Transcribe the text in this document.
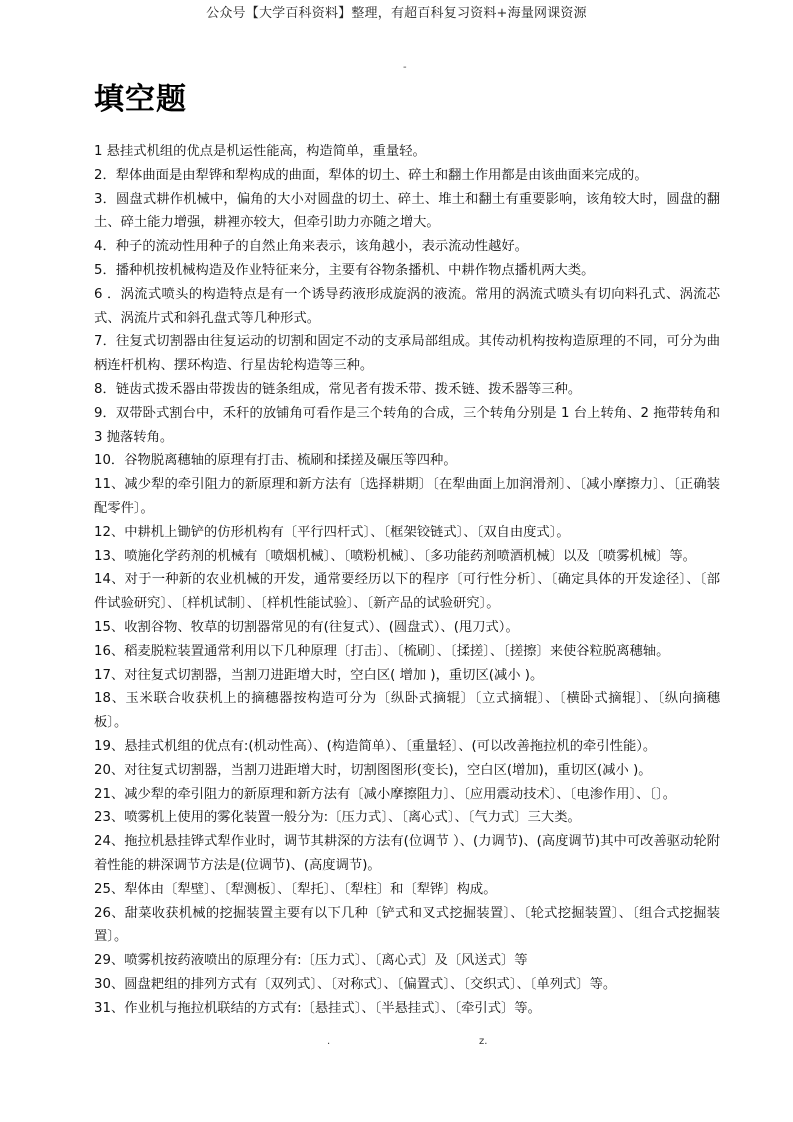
公众号【大学百科资料】整理，有超百科复习资料+海量网课资源
-
填空题

1 悬挂式机组的优点是机运性能高，构造简单，重量轻。

2．犁体曲面是由犁铧和犁构成的曲面，犁体的切土、碎土和翻土作用都是由该曲面来完成的。

3．圆盘式耕作机械中，偏角的大小对圆盘的切土、碎土、堆土和翻土有重要影响，该角较大时，圆盘的翻土、碎土能力增强，耕裡亦较大，但牵引助力亦随之增大。

4．种子的流动性用种子的自然止角来表示，该角越小，表示流动性越好。

5．播种机按机械构造及作业特征来分，主要有谷物条播机、中耕作物点播机两大类。

6 ．涡流式喷头的构造特点是有一个诱导药液形成旋涡的液流。常用的涡流式喷头有切向料孔式、涡流芯式、涡流片式和斜孔盘式等几种形式。

7．往复式切割器由往复运动的切割和固定不动的支承局部组成。其传动机构按构造原理的不同，可分为曲柄连杆机构、摆环构造、行星齿轮构造等三种。

8．链齿式拨禾器由带拨齿的链条组成，常见者有拨禾带、拨禾链、拨禾器等三种。

9．双带卧式割台中，禾秆的放铺角可看作是三个转角的合成，三个转角分别是 1 台上转角、2 拖带转角和 3 抛落转角。

10．谷物脱离穗轴的原理有打击、梳刷和揉搓及碾压等四种。

11、减少犁的牵引阻力的新原理和新方法有〔选择耕期〕〔在犁曲面上加润滑剂〕、〔减小摩擦力〕、〔正确装配零件〕。

12、中耕机上锄铲的仿形机构有〔平行四杆式〕、〔框架铰链式〕、〔双自由度式〕。

13、喷施化学药剂的机械有〔喷烟机械〕、〔喷粉机械〕、〔多功能药剂喷酒机械〕以及〔喷雾机械〕等。

14、对于一种新的农业机械的开发，通常要经历以下的程序〔可行性分析〕、〔确定具体的开发途径〕、〔部件试验研究〕、〔样机试制〕、〔样机性能试验〕、〔新产品的试验研究〕。

15、收割谷物、牧草的切割器常见的有(往复式）、(圆盘式）、(甩刀式）。

16、稻麦脱粒装置通常利用以下几种原理〔打击〕、〔梳刷〕、〔揉搓〕、〔搓擦〕来使谷粒脱离穗轴。

17、对往复式切割器，当割刀进距增大时，空白区( 增加 )，重切区(减小 )。

18、玉米联合收获机上的摘穗器按构造可分为〔纵卧式摘辊〕〔立式摘辊〕、〔横卧式摘辊〕、〔纵向摘穗板〕。

19、悬挂式机组的优点有:(机动性高）、(构造简单）、〔重量轻〕、(可以改善拖拉机的牵引性能）。

20、对往复式切割器，当割刀进距增大时，切割图图形(变长)，空白区(增加)，重切区(减小 )。

21、减少犁的牵引阻力的新原理和新方法有〔减小摩擦阻力〕、〔应用震动技术〕、〔电渗作用〕、〔〕。

23、喷雾机上使用的雾化装置一般分为:〔压力式〕、〔离心式〕、〔气力式〕三大类。

24、拖拉机悬挂铧式犁作业时，调节其耕深的方法有(位调节 ）、(力调节)、(高度调节)其中可改善驱动轮附着性能的耕深调节方法是(位调节)、(高度调节)。

25、犁体由〔犁壁〕、〔犁测板〕、〔犁托〕、〔犁柱〕和〔犁铧〕构成。

26、甜菜收获机械的挖掘装置主要有以下几种〔铲式和叉式挖掘装置〕、〔轮式挖掘装置〕、〔组合式挖掘装置〕。

29、喷雾机按药液喷出的原理分有:〔压力式〕、〔离心式〕及〔风送式〕等

30、圆盘耙组的排列方式有〔双列式〕、〔对称式〕、〔偏置式〕、〔交织式〕、〔单列式〕等。

31、作业机与拖拉机联结的方式有:〔悬挂式〕、〔半悬挂式〕、〔牵引式〕等。

.	z.
